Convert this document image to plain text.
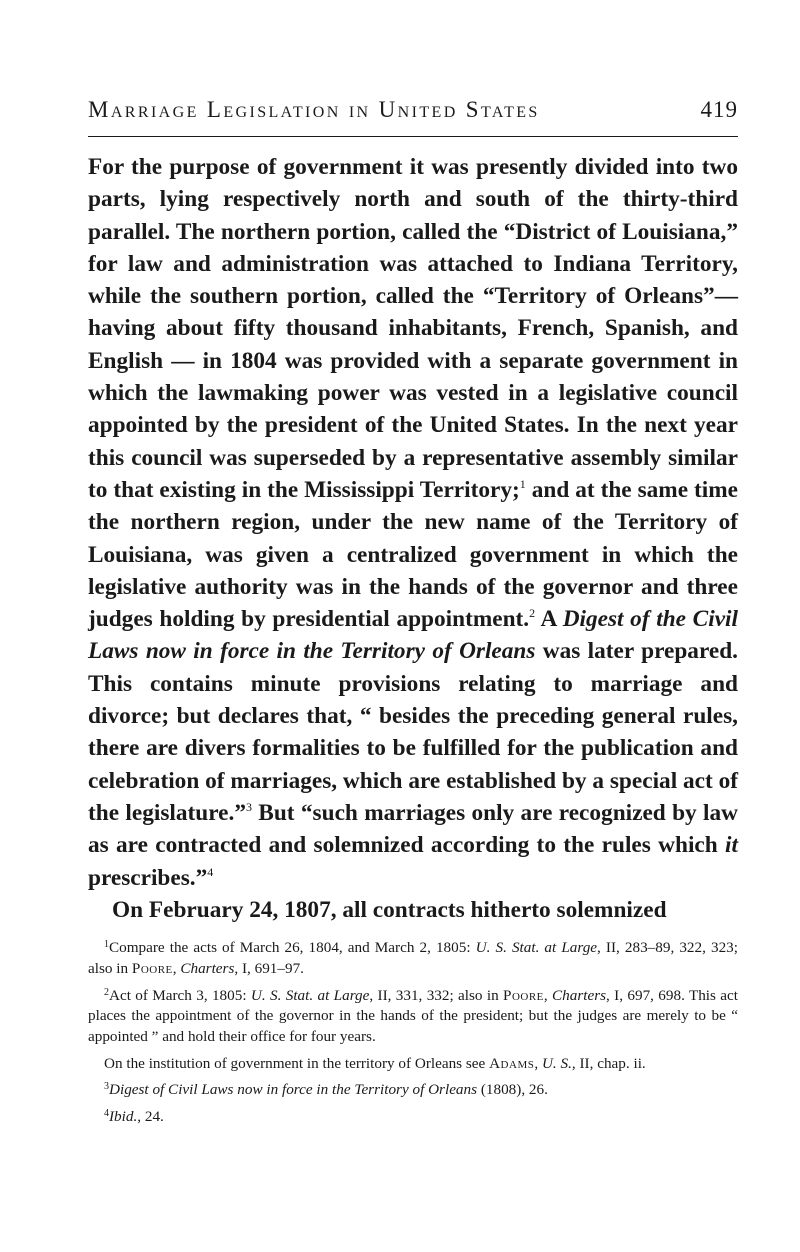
Marriage Legislation in United States	419

For the purpose of government it was presently divided into two parts, lying respectively north and south of the thirty-third parallel. The northern portion, called the “District of Louisiana,” for law and administration was attached to Indiana Territory, while the southern portion, called the “Territory of Orleans”— having about fifty thousand inhabitants, French, Spanish, and English — in 1804 was provided with a separate government in which the lawmaking power was vested in a legislative council appointed by the president of the United States. In the next year this council was superseded by a representative assembly similar to that existing in the Mississippi Territory;$^1$ and at the same time the northern region, under the new name of the Territory of Louisiana, was given a centralized government in which the legislative authority was in the hands of the governor and three judges holding by presidential appointment.$^2$ A Digest of the Civil Laws now in force in the Territory of Orleans was later prepared. This contains minute provisions relating to marriage and divorce; but declares that, “ besides the preceding general rules, there are divers formalities to be fulfilled for the publication and celebration of marriages, which are established by a special act of the legislature.”$^3$ But “such marriages only are recognized by law as are contracted and solemnized according to the rules which it prescribes.”$^4$

On February 24, 1807, all contracts hitherto solemnized

$^1$Compare the acts of March 26, 1804, and March 2, 1805: U. S. Stat. at Large, II, 283–89, 322, 323; also in Poore, Charters, I, 691–97.

$^2$Act of March 3, 1805: U. S. Stat. at Large, II, 331, 332; also in Poore, Charters, I, 697, 698. This act places the appointment of the governor in the hands of the president; but the judges are merely to be “ appointed ” and hold their office for four years.

On the institution of government in the territory of Orleans see Adams, U. S., II, chap. ii.

$^3$Digest of Civil Laws now in force in the Territory of Orleans (1808), 26.

$^4$Ibid., 24.
